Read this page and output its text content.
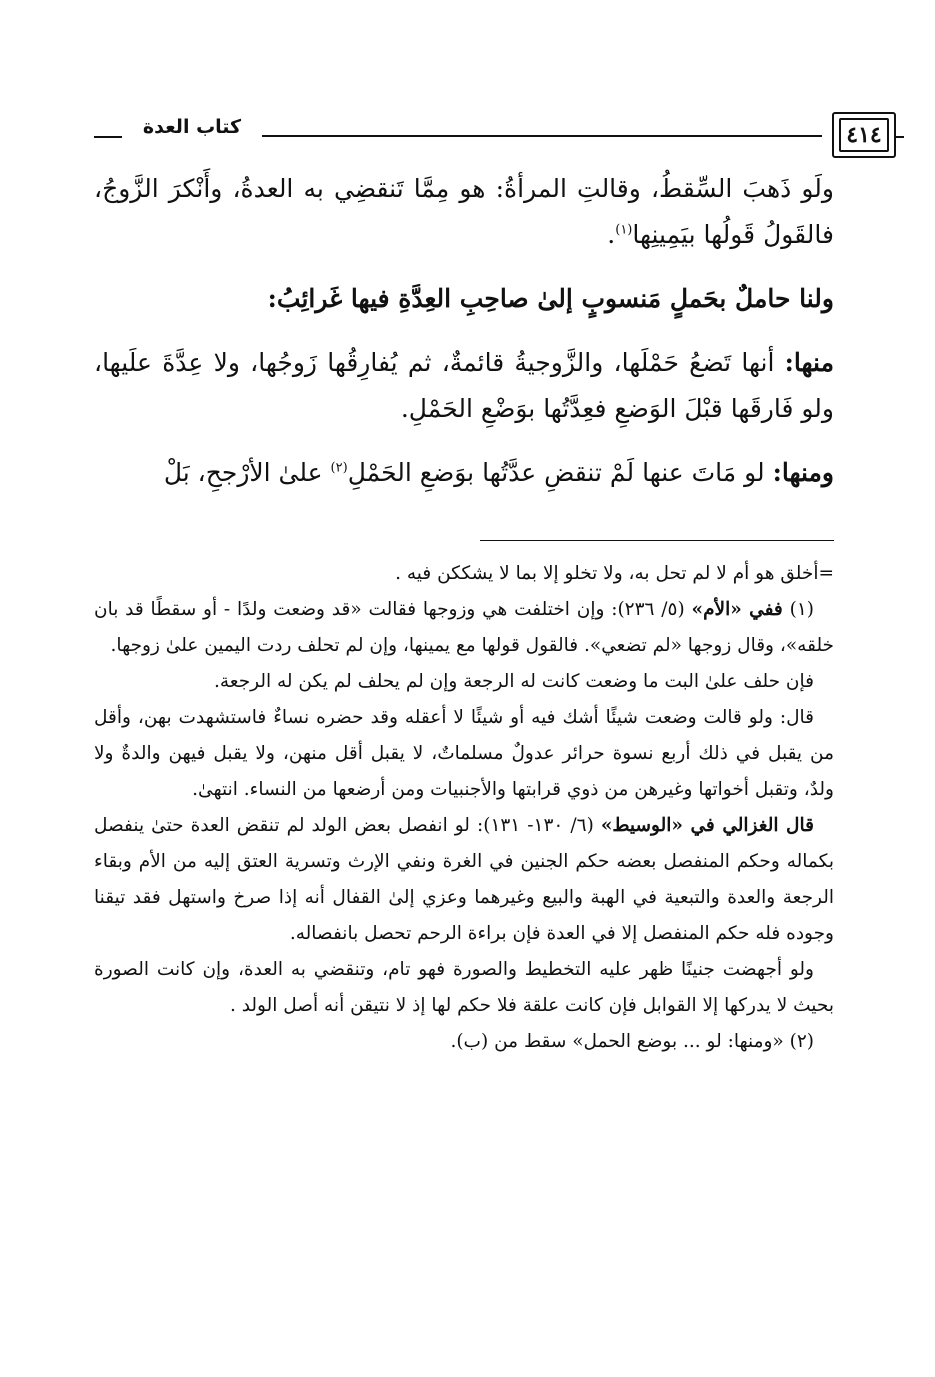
كتاب العدة	٤١٤

ولَو ذَهبَ السِّقطُ، وقالتِ المرأةُ: هو مِمَّا تَنقضِي به العدةُ، وأَنْكرَ الزَّوجُ، فالقَولُ قَولُها بيَمِينِها$^{(١)}$.

ولنا حاملٌ بحَملٍ مَنسوبٍ إلىٰ صاحِبِ العِدَّةِ فيها غَرائِبُ:

منها: أنها تَضعُ حَمْلَها، والزَّوجيةُ قائمةٌ، ثم يُفارِقُها زَوجُها، ولا عِدَّةَ علَيها، ولو فَارقَها قبْلَ الوَضعِ فعِدَّتُها بوَضْعِ الحَمْلِ.

ومنها: لو مَاتَ عنها لَمْ تنقضِ عدَّتُها بوَضعِ الحَمْلِ$^{(٢)}$ علىٰ الأرْجحِ، بَلْ

=أخلق هو أم لا لم تحل به، ولا تخلو إلا بما لا يشككن فيه .

(١) ففي «الأم» (٥/ ٢٣٦): وإن اختلفت هي وزوجها فقالت «قد وضعت ولدًا - أو سقطًا قد بان خلقه»، وقال زوجها «لم تضعي». فالقول قولها مع يمينها، وإن لم تحلف ردت اليمين علىٰ زوجها.

فإن حلف علىٰ البت ما وضعت كانت له الرجعة وإن لم يحلف لم يكن له الرجعة.

قال: ولو قالت وضعت شيئًا أشك فيه أو شيئًا لا أعقله وقد حضره نساءٌ فاستشهدت بهن، وأقل من يقبل في ذلك أربع نسوة حرائر عدولٌ مسلماتٌ، لا يقبل أقل منهن، ولا يقبل فيهن والدةٌ ولا ولدٌ، وتقبل أخواتها وغيرهن من ذوي قرابتها والأجنبيات ومن أرضعها من النساء. انتهىٰ.

قال الغزالي في «الوسيط» (٦/ ١٣٠- ١٣١): لو انفصل بعض الولد لم تنقض العدة حتىٰ ينفصل بكماله وحكم المنفصل بعضه حكم الجنين في الغرة ونفي الإرث وتسرية العتق إليه من الأم وبقاء الرجعة والعدة والتبعية في الهبة والبيع وغيرهما وعزي إلىٰ القفال أنه إذا صرخ واستهل فقد تيقنا وجوده فله حكم المنفصل إلا في العدة فإن براءة الرحم تحصل بانفصاله.

ولو أجهضت جنينًا ظهر عليه التخطيط والصورة فهو تام، وتنقضي به العدة، وإن كانت الصورة بحيث لا يدركها إلا القوابل فإن كانت علقة فلا حكم لها إذ لا نتيقن أنه أصل الولد .

(٢) «ومنها: لو ... بوضع الحمل» سقط من (ب).
